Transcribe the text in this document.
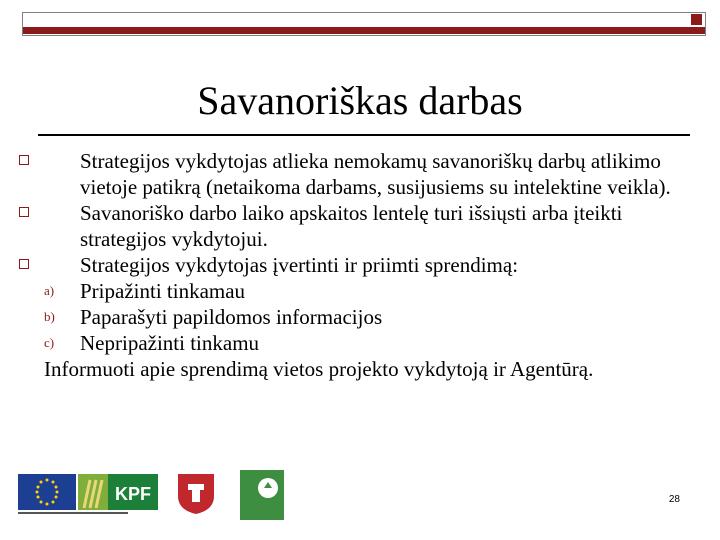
Savanoriškas darbas
Strategijos vykdytojas atlieka nemokamų savanoriškų darbų atlikimo vietoje patikrą (netaikoma darbams, susijusiems su intelektine veikla).
Savanoriško darbo laiko apskaitos lentelę turi išsiųsti arba įteikti strategijos vykdytojui.
Strategijos vykdytojas įvertinti ir priimti sprendimą:
a) Pripažinti tinkamau
b) Paparašyti papildomos informacijos
c) Nepripažinti tinkamu
Informuoti apie sprendimą vietos projekto vykdytoją ir Agentūrą.
KPF	28
